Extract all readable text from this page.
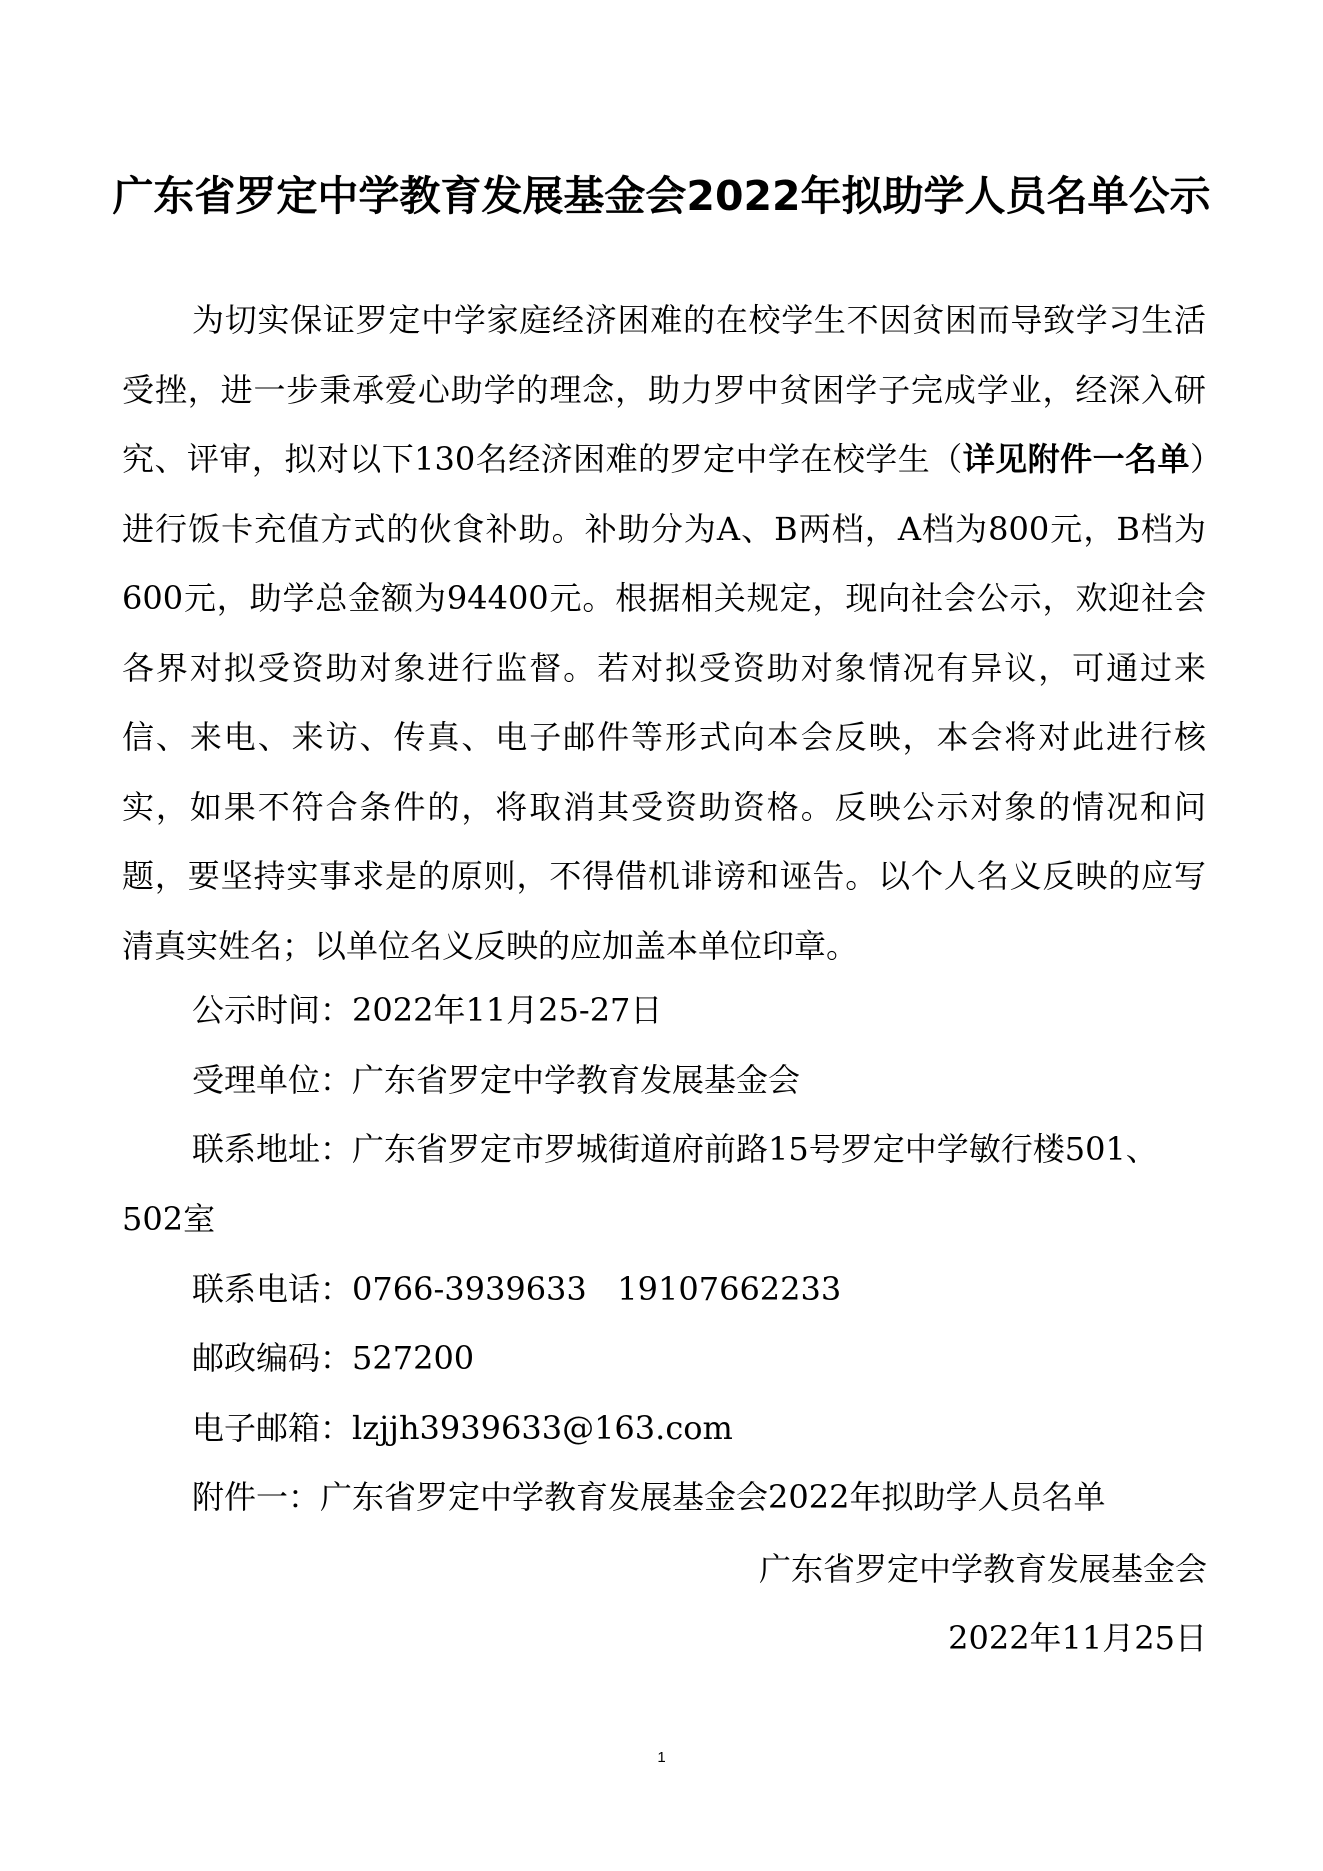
广东省罗定中学教育发展基金会2022年拟助学人员名单公示

为切实保证罗定中学家庭经济困难的在校学生不因贫困而导致学习生活受挫，进一步秉承爱心助学的理念，助力罗中贫困学子完成学业，经深入研究、评审，拟对以下130名经济困难的罗定中学在校学生（详见附件一名单）进行饭卡充值方式的伙食补助。补助分为A、B两档，A档为800元，B档为600元，助学总金额为94400元。根据相关规定，现向社会公示，欢迎社会各界对拟受资助对象进行监督。若对拟受资助对象情况有异议，可通过来信、来电、来访、传真、电子邮件等形式向本会反映，本会将对此进行核实，如果不符合条件的，将取消其受资助资格。反映公示对象的情况和问题，要坚持实事求是的原则，不得借机诽谤和诬告。以个人名义反映的应写清真实姓名；以单位名义反映的应加盖本单位印章。

公示时间：2022年11月25-27日

受理单位：广东省罗定中学教育发展基金会

联系地址：广东省罗定市罗城街道府前路15号罗定中学敏行楼501、
502室

联系电话：0766-3939633   19107662233

邮政编码：527200

电子邮箱：lzjjh3939633@163.com

附件一：广东省罗定中学教育发展基金会2022年拟助学人员名单

广东省罗定中学教育发展基金会

2022年11月25日

1
